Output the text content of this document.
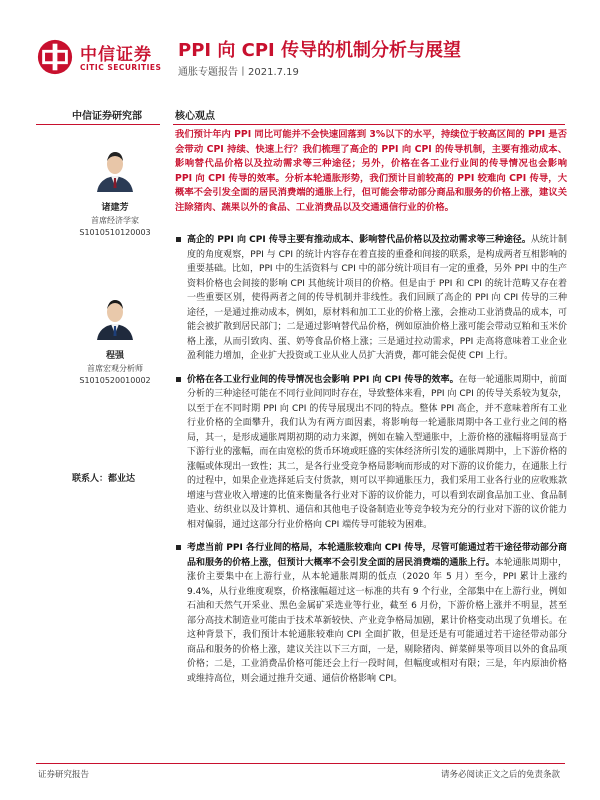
中信证券
CITIC SECURITIES
PPI 向 CPI 传导的机制分析与展望
通胀专题报告丨2021.7.19
中信证券研究部	核心观点
诸建芳
首席经济学家
S1010510120003
程强
首席宏观分析师
S1010520010002
联系人：都业达
我们预计年内 PPI 同比可能并不会快速回落到 3%以下的水平，持续位于较高区间的 PPI 是否会带动 CPI 持续、快速上行？我们梳理了高企的 PPI 向 CPI 的传导机制，主要有推动成本、影响替代品价格以及拉动需求等三种途径；另外，价格在各工业行业间的传导情况也会影响 PPI 向 CPI 传导的效率。分析本轮通胀形势，我们预计目前较高的 PPI 较难向 CPI 传导，大概率不会引发全面的居民消费端的通胀上行，但可能会带动部分商品和服务的价格上涨，建议关注除猪肉、蔬果以外的食品、工业消费品以及交通通信行业的价格。
高企的 PPI 向 CPI 传导主要有推动成本、影响替代品价格以及拉动需求等三种途径。从统计制度的角度观察，PPI 与 CPI 的统计内容存在着直接的重叠和间接的联系，是构成两者互相影响的重要基础。比如，PPI 中的生活资料与 CPI 中的部分统计项目有一定的重叠，另外 PPI 中的生产资料价格也会间接的影响 CPI 其他统计项目的价格。但是由于 PPI 和 CPI 的统计范畴又存在着一些重要区别，使得两者之间的传导机制并非线性。我们回顾了高企的 PPI 向 CPI 传导的三种途径，一是通过推动成本，例如，原材料和加工工业的价格上涨，会推动工业消费品的成本，可能会被扩散到居民部门；二是通过影响替代品价格，例如原油价格上涨可能会带动豆粕和玉米价格上涨，从而引致肉、蛋、奶等食品价格上涨；三是通过拉动需求，PPI 走高将意味着工业企业盈利能力增加，企业扩大投资或工业从业人员扩大消费，都可能会促使 CPI 上行。
价格在各工业行业间的传导情况也会影响 PPI 向 CPI 传导的效率。在每一轮通胀周期中，前面分析的三种途径可能在不同行业间同时存在，导致整体来看，PPI 向 CPI 的传导关系较为复杂，以至于在不同时期 PPI 向 CPI 的传导展现出不同的特点。整体 PPI 高企，并不意味着所有工业行业价格的全面攀升，我们认为有两方面因素，将影响每一轮通胀周期中各工业行业之间的格局，其一，是形成通胀周期初期的动力来源，例如在输入型通胀中，上游价格的涨幅将明显高于下游行业的涨幅，而在由宽松的货币环境或旺盛的实体经济所引发的通胀周期中，上下游价格的涨幅或体现出一致性；其二，是各行业受竞争格局影响而形成的对下游的议价能力，在通胀上行的过程中，如果企业选择延后支付货款，则可以平抑通胀压力，我们采用工业各行业的应收账款增速与营业收入增速的比值来衡量各行业对下游的议价能力，可以看到农副食品加工业、食品制造业、纺织业以及计算机、通信和其他电子设备制造业等竞争较为充分的行业对下游的议价能力相对偏弱，通过这部分行业价格向 CPI 端传导可能较为困难。
考虑当前 PPI 各行业间的格局，本轮通胀较难向 CPI 传导，尽管可能通过若干途径带动部分商品和服务的价格上涨，但预计大概率不会引发全面的居民消费端的通胀上行。本轮通胀周期中，涨价主要集中在上游行业，从本轮通胀周期的低点（2020 年 5 月）至今，PPI 累计上涨约 9.4%，从行业维度观察，价格涨幅超过这一标准的共有 9 个行业，全部集中在上游行业，例如石油和天然气开采业、黑色金属矿采选业等行业，截至 6 月份，下游价格上涨并不明显，甚至部分高技术制造业可能由于技术革新较快、产业竞争格局加剧，累计价格变动出现了负增长。在这种背景下，我们预计本轮通胀较难向 CPI 全面扩散，但是还是有可能通过若干途径带动部分商品和服务的价格上涨，建议关注以下三方面，一是，剔除猪肉、鲜菜鲜果等项目以外的食品项价格；二是，工业消费品价格可能还会上行一段时间，但幅度或相对有限；三是，年内原油价格或维持高位，则会通过推升交通、通信价格影响 CPI。
证券研究报告	请务必阅读正文之后的免责条款
